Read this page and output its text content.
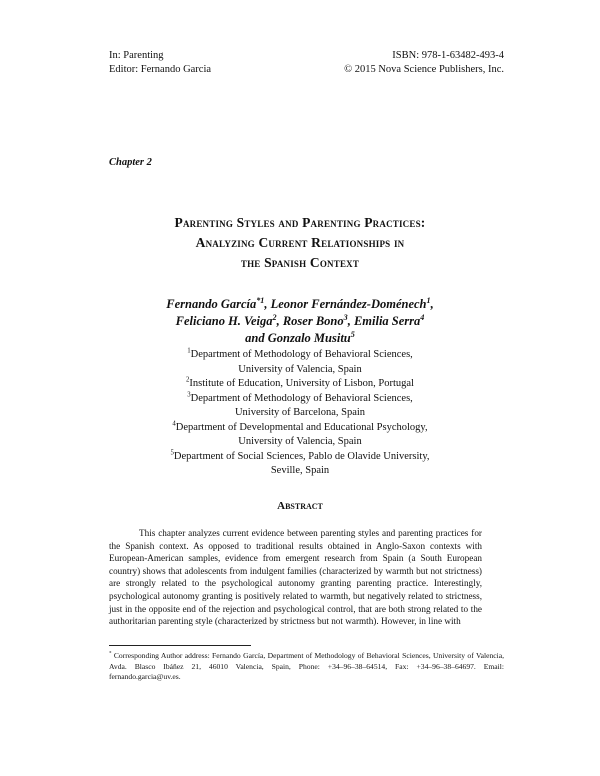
In: Parenting
Editor: Fernando Garcia
ISBN: 978-1-63482-493-4
© 2015 Nova Science Publishers, Inc.
Chapter 2
Parenting Styles and Parenting Practices:
Analyzing Current Relationships in
the Spanish Context
Fernando García$^{*1}$, Leonor Fernández-Doménech$^1$,
Feliciano H. Veiga$^2$, Roser Bono$^3$, Emilia Serra$^4$
and Gonzalo Musitu$^5$
$^1$Department of Methodology of Behavioral Sciences,
University of Valencia, Spain
$^2$Institute of Education, University of Lisbon, Portugal
$^3$Department of Methodology of Behavioral Sciences,
University of Barcelona, Spain
$^4$Department of Developmental and Educational Psychology,
University of Valencia, Spain
$^5$Department of Social Sciences, Pablo de Olavide University,
Seville, Spain
Abstract
This chapter analyzes current evidence between parenting styles and parenting practices for the Spanish context. As opposed to traditional results obtained in Anglo-Saxon contexts with European-American samples, evidence from emergent research from Spain (a South European country) shows that adolescents from indulgent families (characterized by warmth but not strictness) are strongly related to the psychological autonomy granting parenting practice. Interestingly, psychological autonomy granting is positively related to warmth, but negatively related to strictness, just in the opposite end of the rejection and psychological control, that are both strong related to the authoritarian parenting style (characterized by strictness but not warmth). However, in line with
* Corresponding Author address: Fernando García, Department of Methodology of Behavioral Sciences, University of Valencia, Avda. Blasco Ibáñez 21, 46010 Valencia, Spain, Phone: +34–96–38–64514, Fax: +34–96–38–64697. Email: fernando.garcia@uv.es.
